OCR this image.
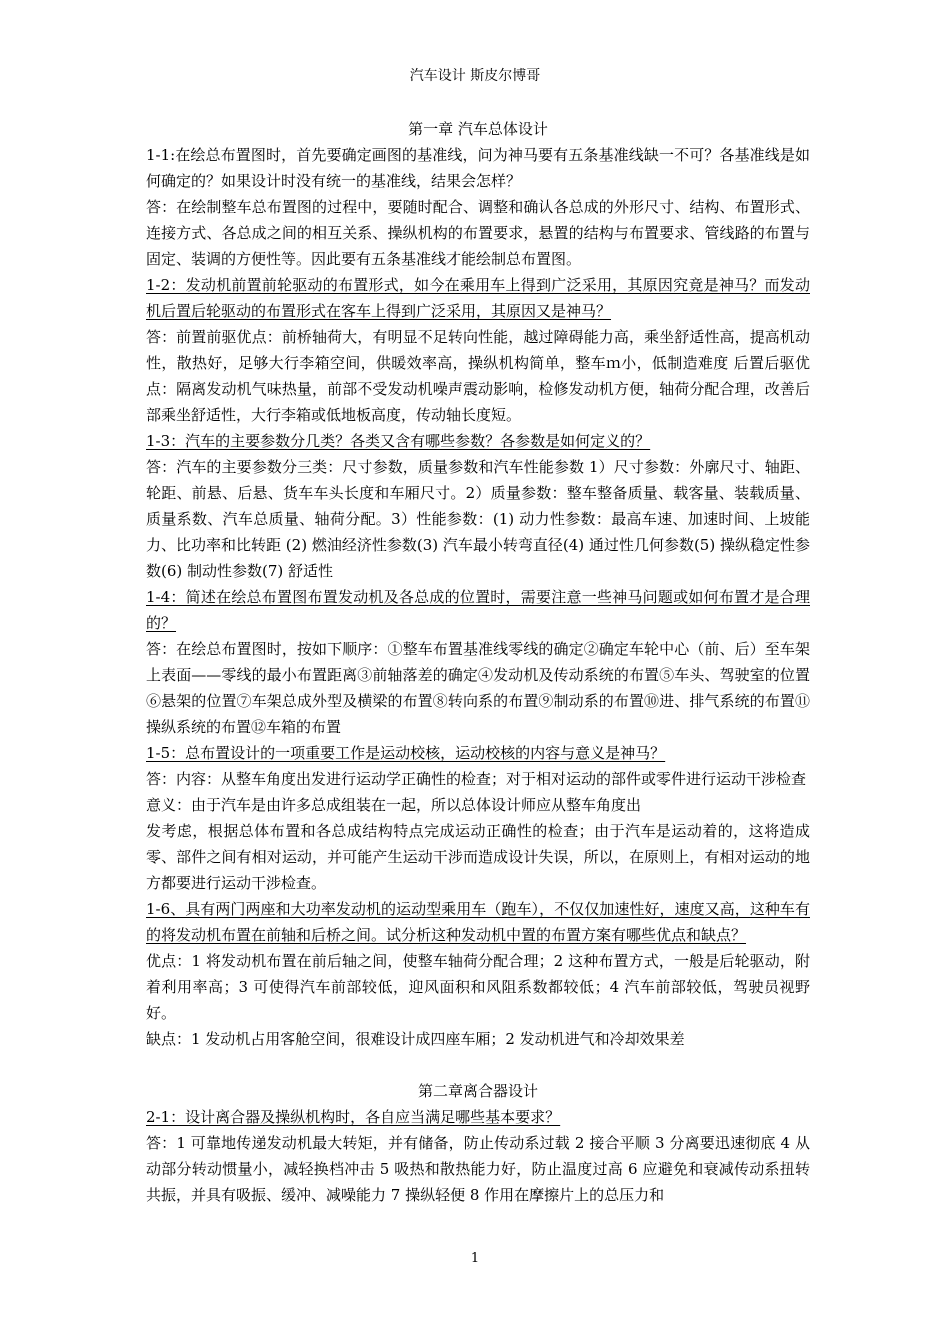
汽车设计 斯皮尔博哥

第一章 汽车总体设计

1-1:在绘总布置图时，首先要确定画图的基准线，问为神马要有五条基准线缺一不可？各基准线是如何确定的？如果设计时没有统一的基准线，结果会怎样？

答：在绘制整车总布置图的过程中，要随时配合、调整和确认各总成的外形尺寸、结构、布置形式、连接方式、各总成之间的相互关系、操纵机构的布置要求，悬置的结构与布置要求、管线路的布置与固定、装调的方便性等。因此要有五条基准线才能绘制总布置图。

1-2：发动机前置前轮驱动的布置形式，如今在乘用车上得到广泛采用，其原因究竟是神马？而发动机后置后轮驱动的布置形式在客车上得到广泛采用，其原因又是神马？

答：前置前驱优点：前桥轴荷大，有明显不足转向性能，越过障碍能力高，乘坐舒适性高，提高机动性，散热好，足够大行李箱空间，供暖效率高，操纵机构简单，整车ｍ小，低制造难度 后置后驱优点：隔离发动机气味热量，前部不受发动机噪声震动影响，检修发动机方便，轴荷分配合理，改善后部乘坐舒适性，大行李箱或低地板高度，传动轴长度短。

1-3：汽车的主要参数分几类？各类又含有哪些参数？各参数是如何定义的？

答：汽车的主要参数分三类：尺寸参数，质量参数和汽车性能参数 1）尺寸参数：外廓尺寸、轴距、轮距、前悬、后悬、货车车头长度和车厢尺寸。2）质量参数：整车整备质量、载客量、装载质量、质量系数、汽车总质量、轴荷分配。3）性能参数：(1) 动力性参数：最高车速、加速时间、上坡能力、比功率和比转距 (2) 燃油经济性参数(3) 汽车最小转弯直径(4) 通过性几何参数(5) 操纵稳定性参数(6) 制动性参数(7) 舒适性

1-4：简述在绘总布置图布置发动机及各总成的位置时，需要注意一些神马问题或如何布置才是合理的？

答：在绘总布置图时，按如下顺序：①整车布置基准线零线的确定②确定车轮中心（前、后）至车架上表面——零线的最小布置距离③前轴落差的确定④发动机及传动系统的布置⑤车头、驾驶室的位置⑥悬架的位置⑦车架总成外型及横梁的布置⑧转向系的布置⑨制动系的布置⑩进、排气系统的布置⑪操纵系统的布置⑫车箱的布置

1-5：总布置设计的一项重要工作是运动校核，运动校核的内容与意义是神马？

答：内容：从整车角度出发进行运动学正确性的检查；对于相对运动的部件或零件进行运动干涉检查

意义：由于汽车是由许多总成组装在一起，所以总体设计师应从整车角度出

发考虑，根据总体布置和各总成结构特点完成运动正确性的检查；由于汽车是运动着的，这将造成零、部件之间有相对运动，并可能产生运动干涉而造成设计失误，所以，在原则上，有相对运动的地方都要进行运动干涉检查。

1-6、具有两门两座和大功率发动机的运动型乘用车（跑车），不仅仅加速性好，速度又高，这种车有的将发动机布置在前轴和后桥之间。试分析这种发动机中置的布置方案有哪些优点和缺点？

优点：1 将发动机布置在前后轴之间，使整车轴荷分配合理；2 这种布置方式，一般是后轮驱动，附着利用率高；3 可使得汽车前部较低，迎风面积和风阻系数都较低；4 汽车前部较低，驾驶员视野好。

缺点：1 发动机占用客舱空间，很难设计成四座车厢；2 发动机进气和冷却效果差

第二章离合器设计

2-1：设计离合器及操纵机构时，各自应当满足哪些基本要求？

答：1 可靠地传递发动机最大转矩，并有储备，防止传动系过载 2 接合平顺 3 分离要迅速彻底 4 从动部分转动惯量小，减轻换档冲击 5 吸热和散热能力好，防止温度过高 6 应避免和衰减传动系扭转共振，并具有吸振、缓冲、减噪能力 7 操纵轻便 8 作用在摩擦片上的总压力和

1
